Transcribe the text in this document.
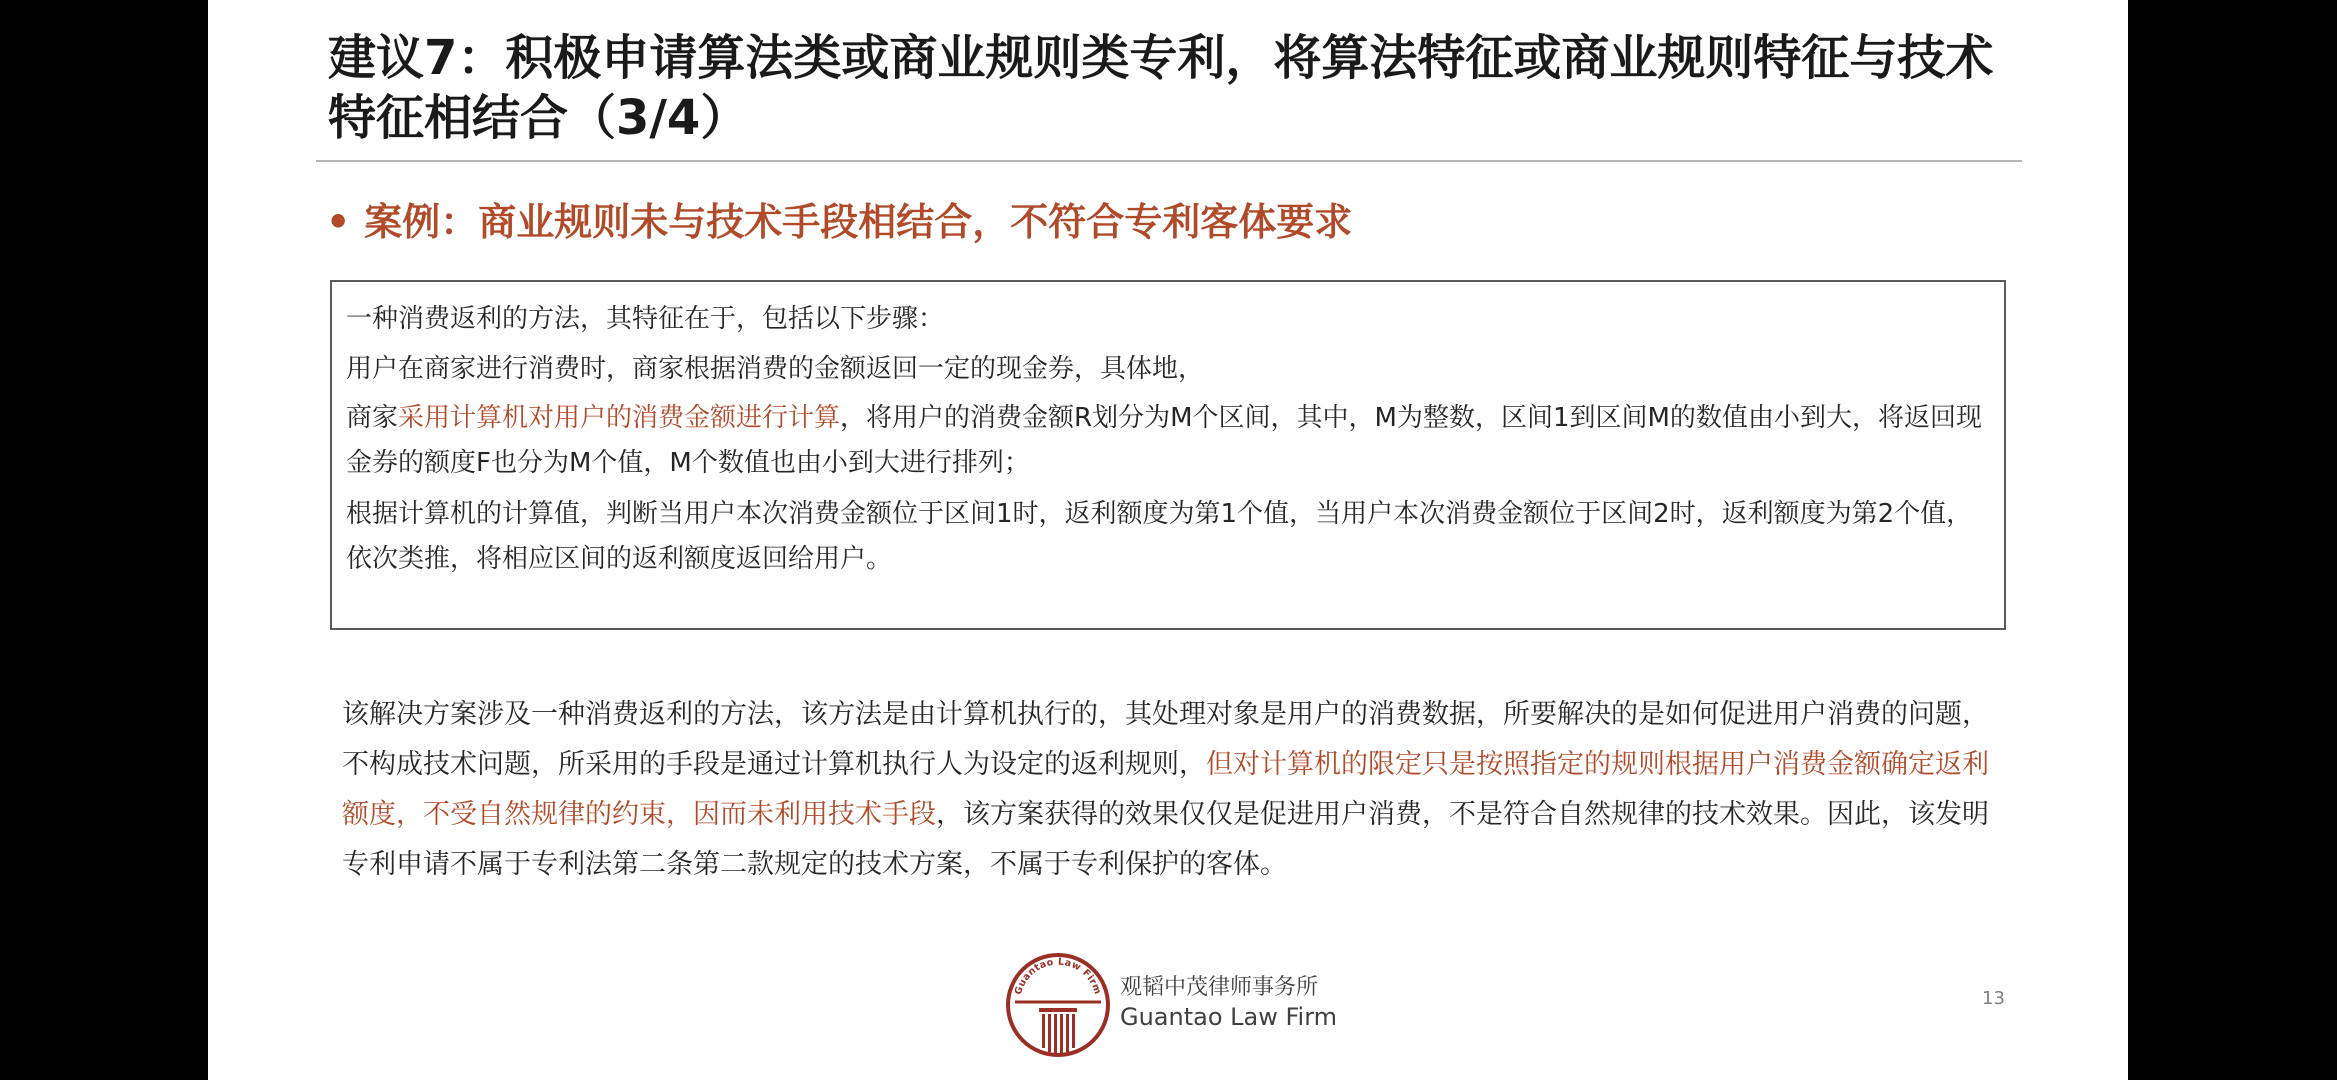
建议7：积极申请算法类或商业规则类专利，将算法特征或商业规则特征与技术
特征相结合（3/4）
• 案例：商业规则未与技术手段相结合，不符合专利客体要求

一种消费返利的方法，其特征在于，包括以下步骤：

用户在商家进行消费时，商家根据消费的金额返回一定的现金券，具体地，

商家采用计算机对用户的消费金额进行计算，将用户的消费金额R划分为M个区间，其中，M为整数，区间1到区间M的数值由小到大，将返回现金券的额度F也分为M个值，M个数值也由小到大进行排列；

根据计算机的计算值，判断当用户本次消费金额位于区间1时，返利额度为第1个值，当用户本次消费金额位于区间2时，返利额度为第2个值，依次类推，将相应区间的返利额度返回给用户。

该解决方案涉及一种消费返利的方法，该方法是由计算机执行的，其处理对象是用户的消费数据，所要解决的是如何促进用户消费的问题，不构成技术问题，所采用的手段是通过计算机执行人为设定的返利规则，但对计算机的限定只是按照指定的规则根据用户消费金额确定返利额度，不受自然规律的约束，因而未利用技术手段，该方案获得的效果仅仅是促进用户消费，不是符合自然规律的技术效果。因此，该发明专利申请不属于专利法第二条第二款规定的技术方案，不属于专利保护的客体。

Guantao Law Firm 观韬中茂律师事务所
Guantao Law Firm
13
